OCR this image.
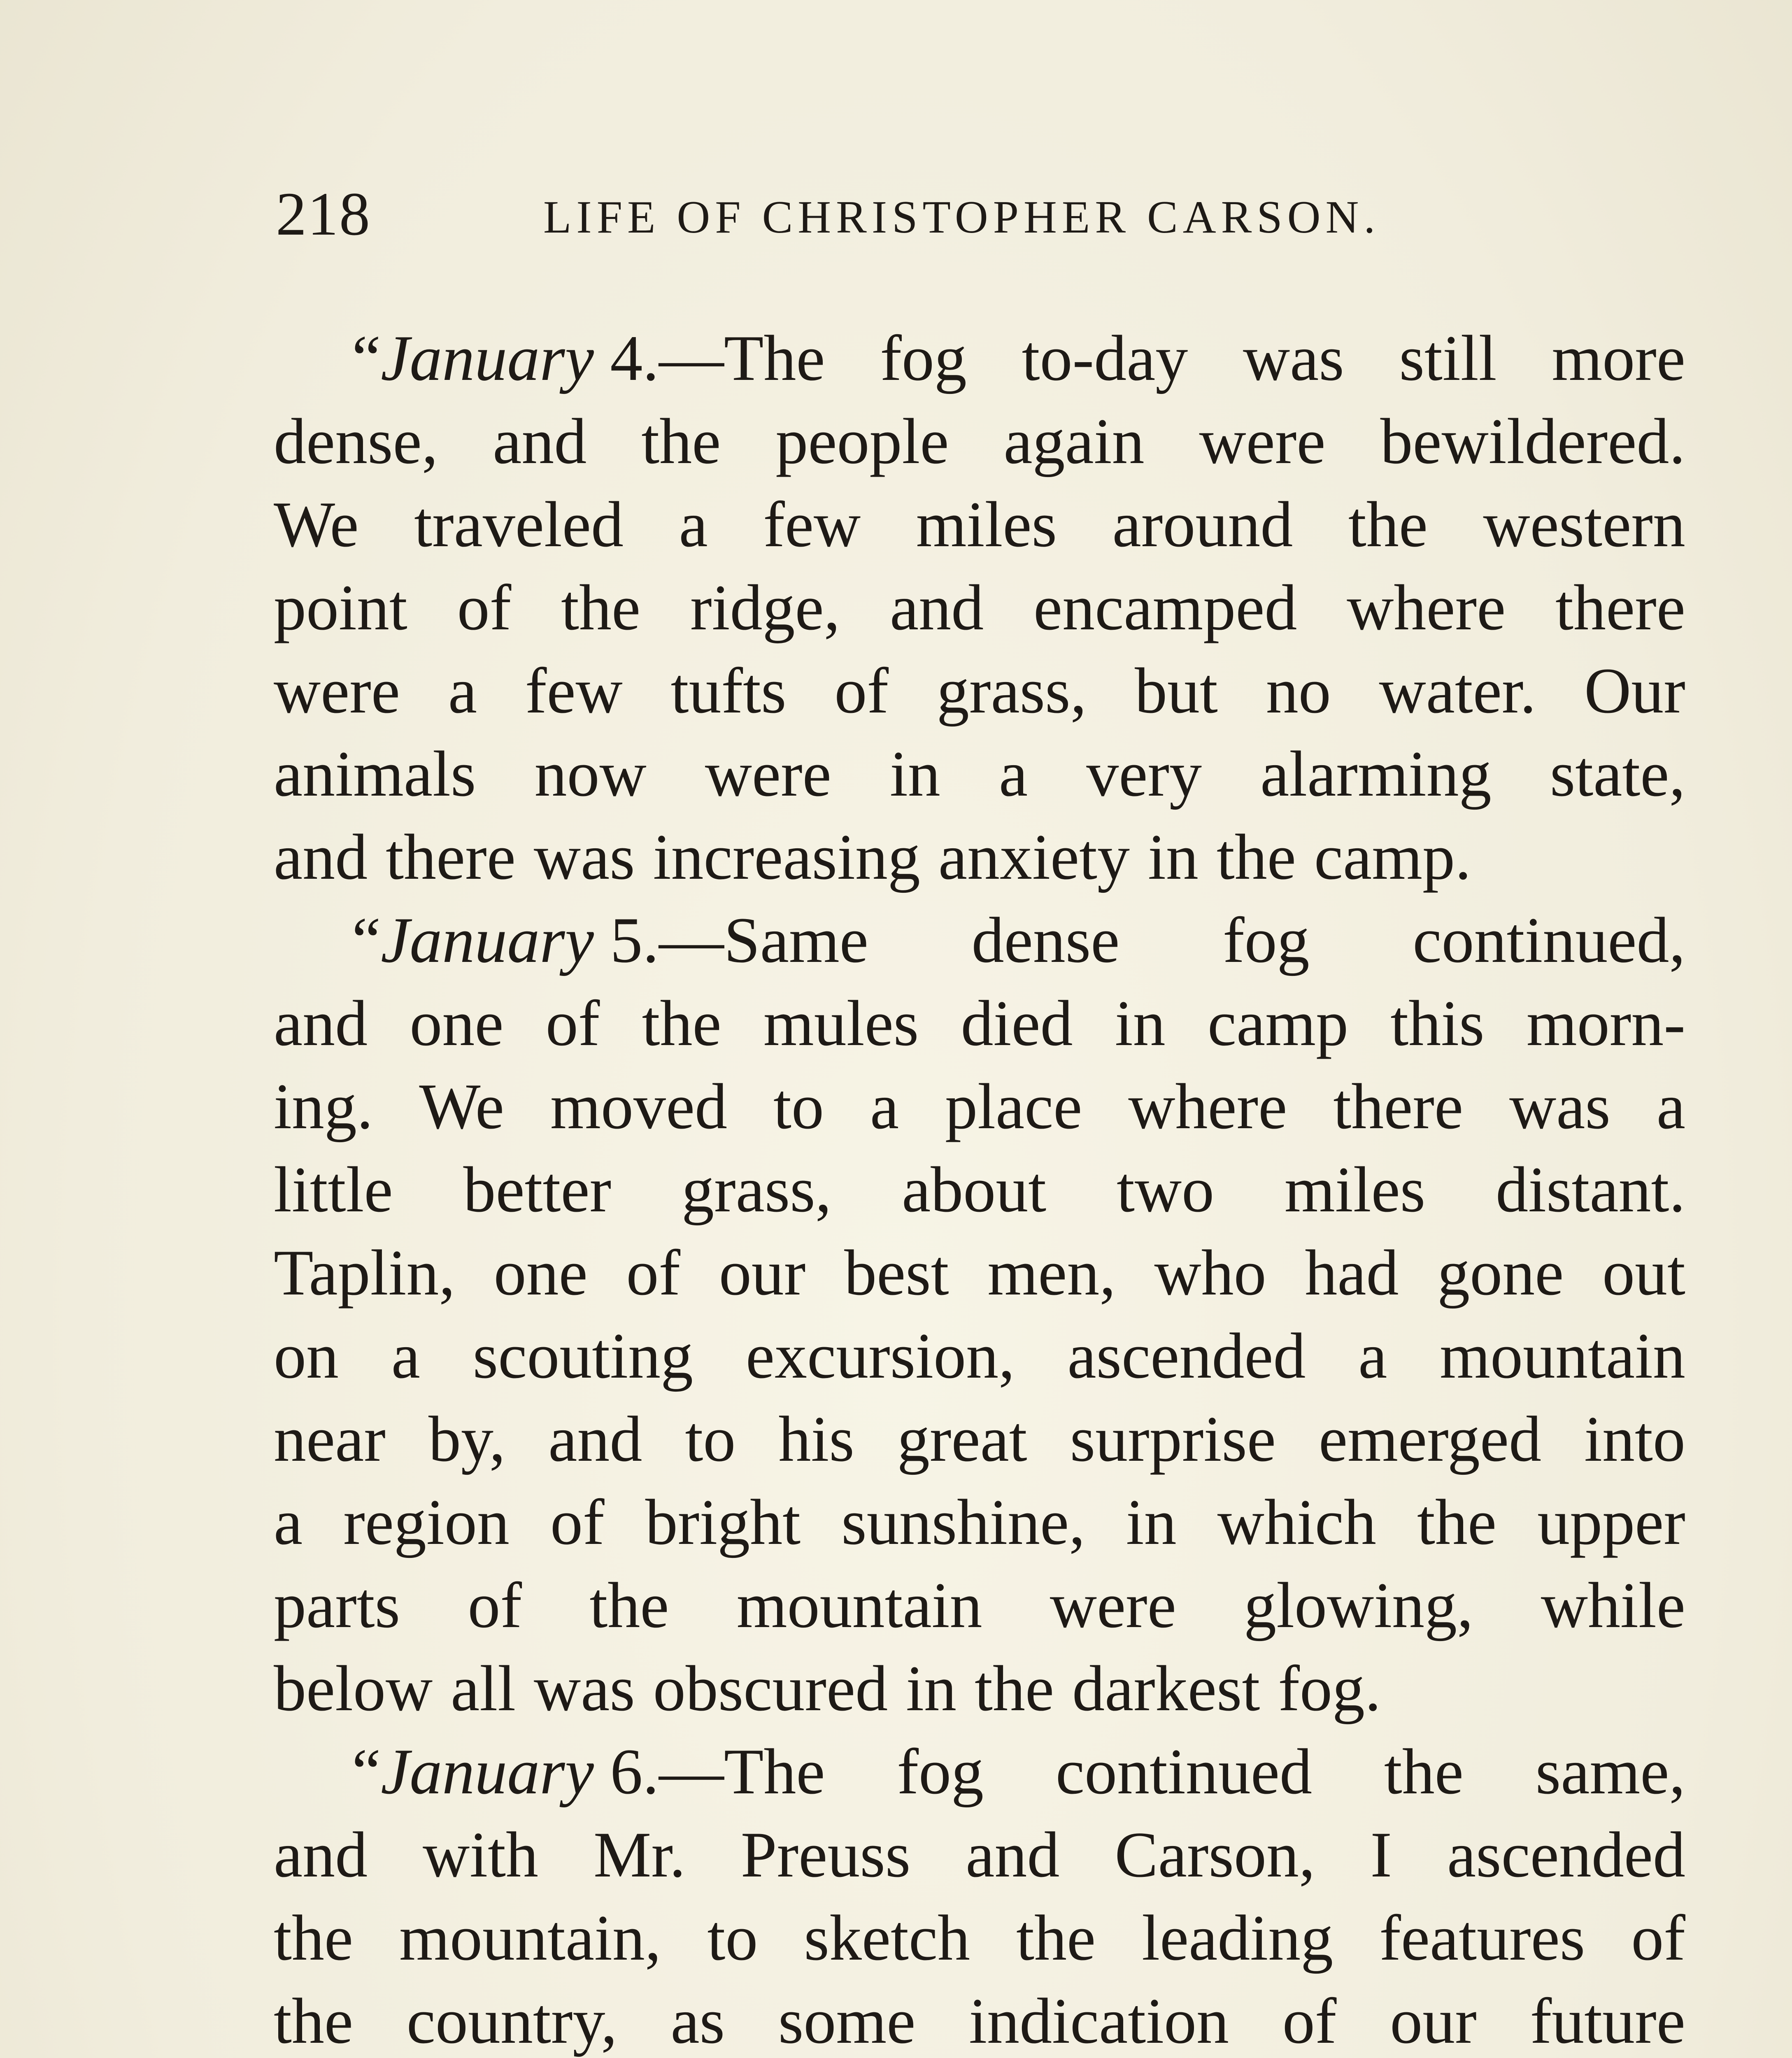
218	LIFE OF CHRISTOPHER CARSON.
“January 4.—The fog to-day was still more
dense, and the people again were bewildered.
We traveled a few miles around the western
point of the ridge, and encamped where there
were a few tufts of grass, but no water. Our
animals now were in a very alarming state,
and there was increasing anxiety in the camp.
“January 5.—Same dense fog continued,
and one of the mules died in camp this morn-
ing. We moved to a place where there was a
little better grass, about two miles distant.
Taplin, one of our best men, who had gone out
on a scouting excursion, ascended a mountain
near by, and to his great surprise emerged into
a region of bright sunshine, in which the upper
parts of the mountain were glowing, while
below all was obscured in the darkest fog.
“January 6.—The fog continued the same,
and with Mr. Preuss and Carson, I ascended
the mountain, to sketch the leading features of
the country, as some indication of our future
